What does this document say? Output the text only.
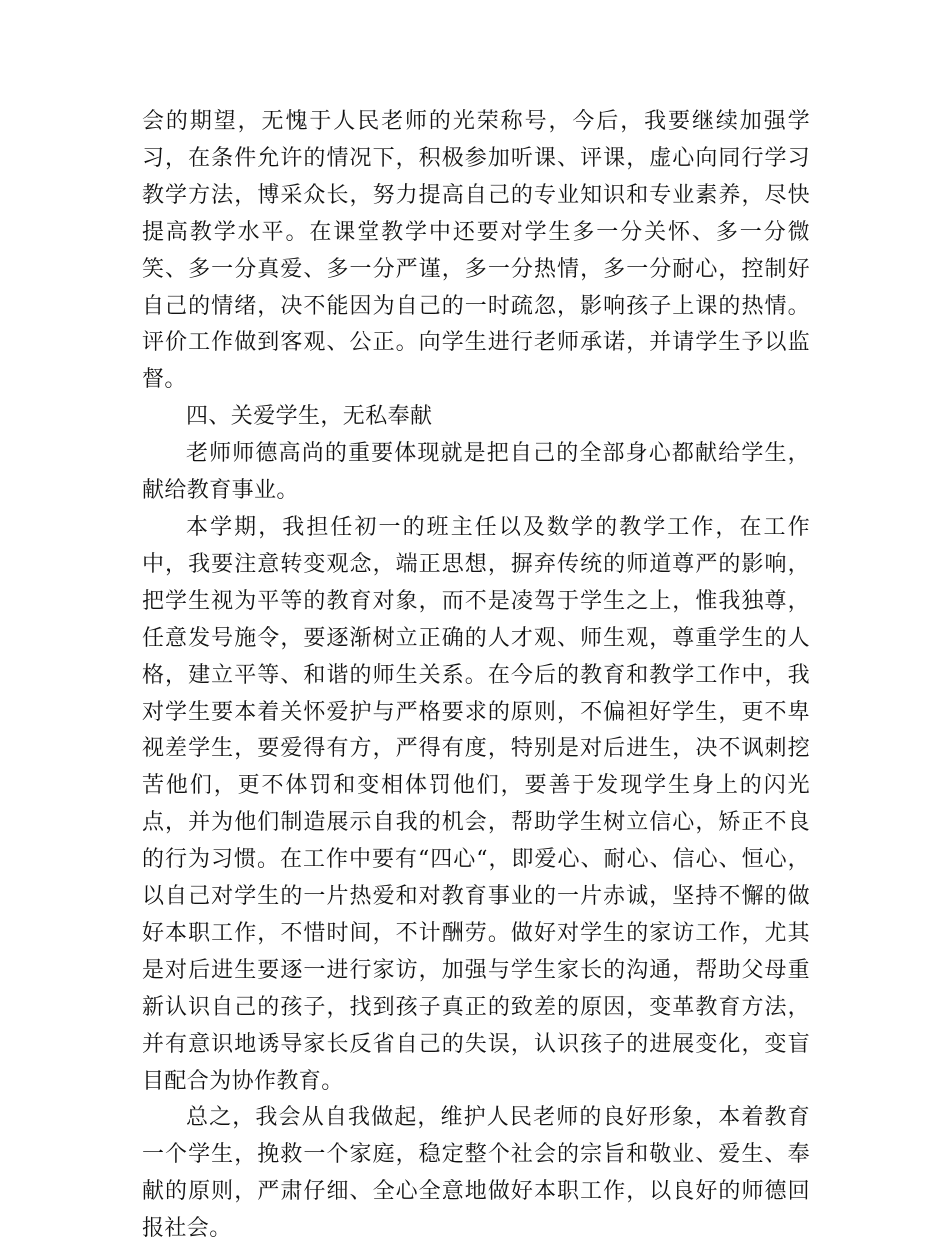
会的期望，无愧于人民老师的光荣称号，今后，我要继续加强学习，在条件允许的情况下，积极参加听课、评课，虚心向同行学习教学方法，博采众长，努力提高自己的专业知识和专业素养，尽快提高教学水平。在课堂教学中还要对学生多一分关怀、多一分微笑、多一分真爱、多一分严谨，多一分热情，多一分耐心，控制好自己的情绪，决不能因为自己的一时疏忽，影响孩子上课的热情。评价工作做到客观、公正。向学生进行老师承诺，并请学生予以监督。

四、关爱学生，无私奉献

老师师德高尚的重要体现就是把自己的全部身心都献给学生，献给教育事业。

本学期，我担任初一的班主任以及数学的教学工作，在工作中，我要注意转变观念，端正思想，摒弃传统的师道尊严的影响，把学生视为平等的教育对象，而不是凌驾于学生之上，惟我独尊，任意发号施令，要逐渐树立正确的人才观、师生观，尊重学生的人格，建立平等、和谐的师生关系。在今后的教育和教学工作中，我对学生要本着关怀爱护与严格要求的原则，不偏袒好学生，更不卑视差学生，要爱得有方，严得有度，特别是对后进生，决不讽刺挖苦他们，更不体罚和变相体罚他们，要善于发现学生身上的闪光点，并为他们制造展示自我的机会，帮助学生树立信心，矫正不良的行为习惯。在工作中要有“四心“，即爱心、耐心、信心、恒心，以自己对学生的一片热爱和对教育事业的一片赤诚，坚持不懈的做好本职工作，不惜时间，不计酬劳。做好对学生的家访工作，尤其是对后进生要逐一进行家访，加强与学生家长的沟通，帮助父母重新认识自己的孩子，找到孩子真正的致差的原因，变革教育方法，并有意识地诱导家长反省自己的失误，认识孩子的进展变化，变盲目配合为协作教育。

总之，我会从自我做起，维护人民老师的良好形象，本着教育一个学生，挽救一个家庭，稳定整个社会的宗旨和敬业、爱生、奉献的原则，严肃仔细、全心全意地做好本职工作，以良好的师德回报社会。
